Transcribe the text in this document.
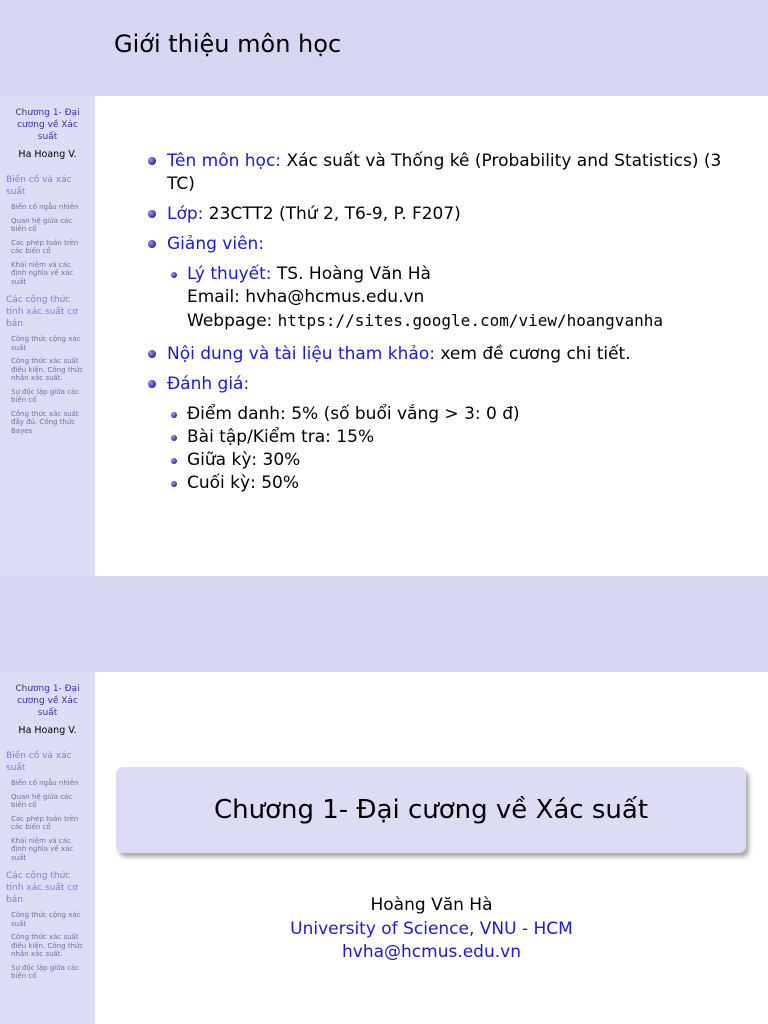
Chương 1- Đại
cương về Xác
suất
Ha Hoang V.
Biến cố và xác
suất
Biến cố ngẫu nhiên
Quan hệ giữa các
biến cố
Các phép toán trên
các biến cố
Khái niệm và các
định nghĩa về xác
suất
Các công thức
tính xác suất cơ
bản
Công thức cộng xác
suất
Công thức xác suất
điều kiện. Công thức
nhân xác suất.
Sự độc lập giữa các
biến cố
Công thức xác suất
đầy đủ. Công thức
Bayes
Giới thiệu môn học
Tên môn học: Xác suất và Thống kê (Probability and Statistics) (3 TC)
Lớp: 23CTT2 (Thứ 2, T6-9, P. F207)
Giảng viên:
Lý thuyết: TS. Hoàng Văn Hà
Email: hvha@hcmus.edu.vn
Webpage: https://sites.google.com/view/hoangvanha
Nội dung và tài liệu tham khảo: xem đề cương chi tiết.
Đánh giá:
Điểm danh: 5% (số buổi vắng > 3: 0 đ)
Bài tập/Kiểm tra: 15%
Giữa kỳ: 30%
Cuối kỳ: 50%
Chương 1- Đại
cương về Xác
suất
Ha Hoang V.
Biến cố và xác
suất
Biến cố ngẫu nhiên
Quan hệ giữa các
biến cố
Các phép toán trên
các biến cố
Khái niệm và các
định nghĩa về xác
suất
Các công thức
tính xác suất cơ
bản
Công thức cộng xác
suất
Công thức xác suất
điều kiện. Công thức
nhân xác suất.
Sự độc lập giữa các
biến cố
Chương 1- Đại cương về Xác suất
Hoàng Văn Hà
University of Science, VNU - HCM
hvha@hcmus.edu.vn
